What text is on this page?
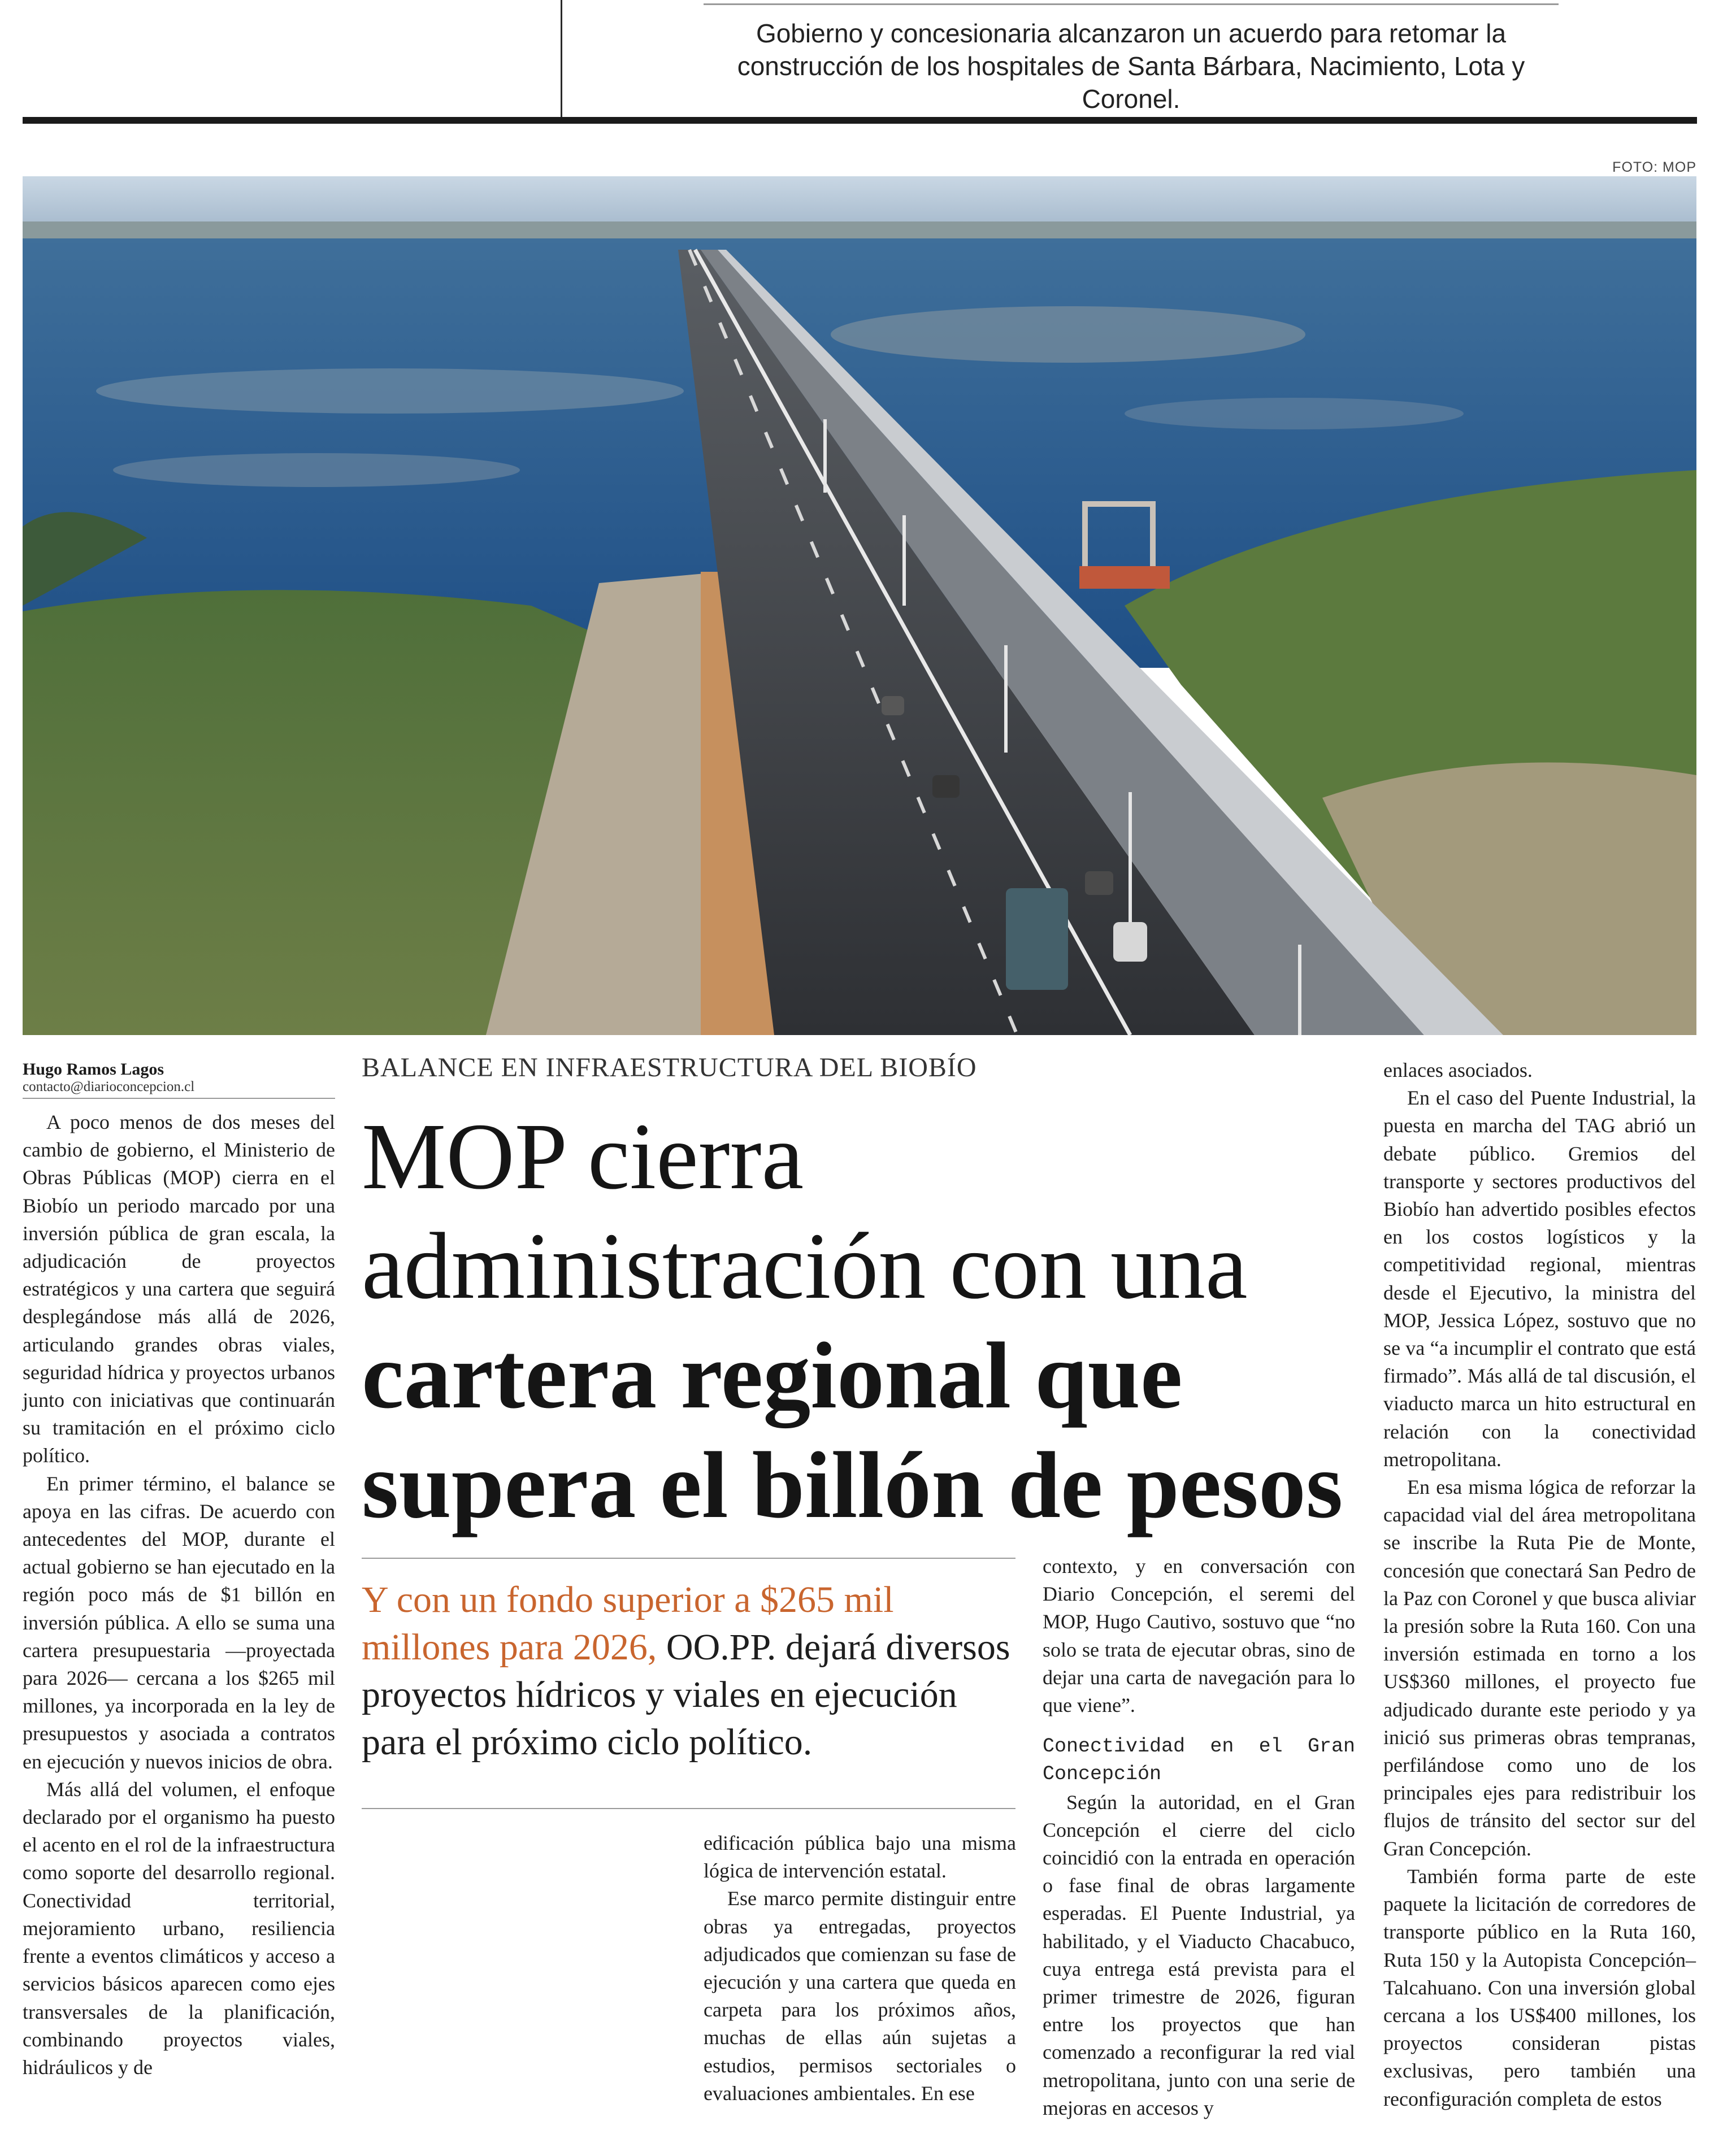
Gobierno y concesionaria alcanzaron un acuerdo para retomar la construcción de los hospitales de Santa Bárbara, Nacimiento, Lota y Coronel.
FOTO: MOP
Hugo Ramos Lagos
contacto@diarioconcepcion.cl
BALANCE EN INFRAESTRUCTURA DEL BIOBÍO
MOP cierra
administración con una
cartera regional que
supera el billón de pesos
Y con un fondo superior a $265 mil millones para 2026, OO.PP. dejará diversos proyectos hídricos y viales en ejecución para el próximo ciclo político.

A poco menos de dos meses del cambio de gobierno, el Ministerio de Obras Públicas (MOP) cierra en el Biobío un periodo marcado por una inversión pública de gran escala, la adjudicación de proyectos estratégicos y una cartera que seguirá desplegándose más allá de 2026, articulando grandes obras viales, seguridad hídrica y proyectos urbanos junto con iniciativas que continuarán su tramitación en el próximo ciclo político.

En primer término, el balance se apoya en las cifras. De acuerdo con antecedentes del MOP, durante el actual gobierno se han ejecutado en la región poco más de $1 billón en inversión pública. A ello se suma una cartera presupuestaria —proyectada para 2026— cercana a los $265 mil millones, ya incorporada en la ley de presupuestos y asociada a contratos en ejecución y nuevos inicios de obra.

Más allá del volumen, el enfoque declarado por el organismo ha puesto el acento en el rol de la infraestructura como soporte del desarrollo regional. Conectividad territorial, mejoramiento urbano, resiliencia frente a eventos climáticos y acceso a servicios básicos aparecen como ejes transversales de la planificación, combinando proyectos viales, hidráulicos y de

edificación pública bajo una misma lógica de intervención estatal.

Ese marco permite distinguir entre obras ya entregadas, proyectos adjudicados que comienzan su fase de ejecución y una cartera que queda en carpeta para los próximos años, muchas de ellas aún sujetas a estudios, permisos sectoriales o evaluaciones ambientales. En ese

contexto, y en conversación con Diario Concepción, el seremi del MOP, Hugo Cautivo, sostuvo que “no solo se trata de ejecutar obras, sino de dejar una carta de navegación para lo que viene”.

Conectividad en el Gran Concepción

Según la autoridad, en el Gran Concepción el cierre del ciclo coincidió con la entrada en operación o fase final de obras largamente esperadas. El Puente Industrial, ya habilitado, y el Viaducto Chacabuco, cuya entrega está prevista para el primer trimestre de 2026, figuran entre los proyectos que han comenzado a reconfigurar la red vial metropolitana, junto con una serie de mejoras en accesos y

enlaces asociados.

En el caso del Puente Industrial, la puesta en marcha del TAG abrió un debate público. Gremios del transporte y sectores productivos del Biobío han advertido posibles efectos en los costos logísticos y la competitividad regional, mientras desde el Ejecutivo, la ministra del MOP, Jessica López, sostuvo que no se va “a incumplir el contrato que está firmado”. Más allá de tal discusión, el viaducto marca un hito estructural en relación con la conectividad metropolitana.

En esa misma lógica de reforzar la capacidad vial del área metropolitana se inscribe la Ruta Pie de Monte, concesión que conectará San Pedro de la Paz con Coronel y que busca aliviar la presión sobre la Ruta 160. Con una inversión estimada en torno a los US$360 millones, el proyecto fue adjudicado durante este periodo y ya inició sus primeras obras tempranas, perfilándose como uno de los principales ejes para redistribuir los flujos de tránsito del sector sur del Gran Concepción.

También forma parte de este paquete la licitación de corredores de transporte público en la Ruta 160, Ruta 150 y la Autopista Concepción–Talcahuano. Con una inversión global cercana a los US$400 millones, los proyectos consideran pistas exclusivas, pero también una reconfiguración completa de estos
